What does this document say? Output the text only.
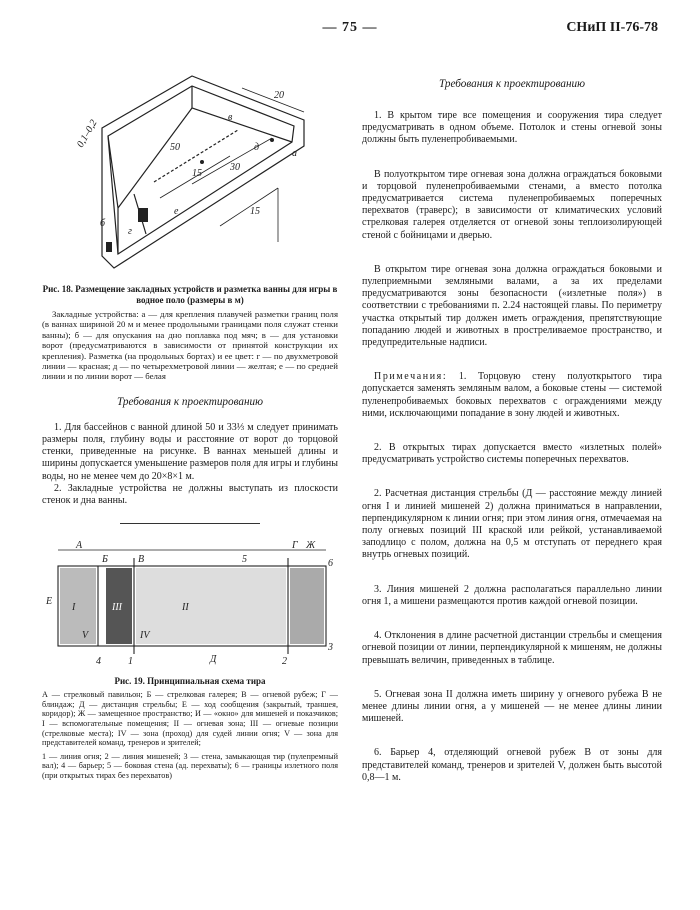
— 75 —	СНиП II-76-78
20
50
15
30
15
0,1–0,2
а
б
в
г
д
е
Рис. 18. Размещение закладных устройств и разметка ванны для игры в водное поло (размеры в м)
Закладные устройства: а — для крепления плавучей разметки границ поля (в ваннах шириной 20 м и менее продольными границами поля служат стенки ванны); б — для опускания на дно поплавка под мяч; в — для установки ворот (предусматриваются в зависимости от принятой конструкции их крепления). Разметка (на продольных бортах) и ее цвет: г — по двухметровой линии — красная; д — по четырехметровой линии — желтая; е — по средней линии и по линии ворот — белая
Требования к проектированию

1. Для бассейнов с ванной длиной 50 и 33⅓ м следует принимать размеры поля, глубину воды и расстояние от ворот до торцовой стенки, приведенные на рисунке. В ваннах меньшей длины и ширины допускается уменьшение размеров поля для игры и глубины воды, но не менее чем до 20×8×1 м.

2. Закладные устройства не должны выступать из плоскости стенок и дна ванны.

А
Б	В
Г Ж
Е
Д
I	II
III
IV
V
1	2
3
4
5	6
Рис. 19. Принципиальная схема тира
А — стрелковый павильон; Б — стрелковая галерея; В — огневой рубеж; Г — блиндаж; Д — дистанция стрельбы; Е — ход сообщения (закрытый, траншея, коридор); Ж — замещенное пространство; И — «окно» для мишеней и показчиков; I — вспомогательные помещения; II — огневая зона; III — огневые позиции (стрелковые места); IV — зона (проход) для судей линии огня; V — зона для представителей команд, тренеров и зрителей;
1 — линия огня; 2 — линия мишеней; 3 — стена, замыкающая тир (пулепремный вал); 4 — барьер; 5 — боковая стена (ад. перехваты); 6 — границы излетного поля (при открытых тирах без перехватов)
Требования к проектированию

1. В крытом тире все помещения и сооружения тира следует предусматривать в одном объеме. Потолок и стены огневой зоны должны быть пуленепробиваемыми.

В полуоткрытом тире огневая зона должна ограждаться боковыми и торцовой пуленепробиваемыми стенами, а вместо потолка предусматривается система пуленепробиваемых поперечных перехватов (траверс); в зависимости от климатических условий стрелковая галерея отделяется от огневой зоны теплоизолирующей стеной с бойницами и дверью.

В открытом тире огневая зона должна ограждаться боковыми и пулеприемными земляными валами, а за их пределами предусматриваются зоны безопасности («излетные поля») в соответствии с требованиями п. 2.24 настоящей главы. По периметру участка открытый тир должен иметь ограждения, препятствующие попаданию людей и животных в простреливаемое пространство, и предупредительные надписи.

Примечания: 1. Торцовую стену полуоткрытого тира допускается заменять земляным валом, а боковые стены — системой пуленепробиваемых боковых перехватов с ограждениями между ними, исключающими попадание в зону людей и животных.

2. В открытых тирах допускается вместо «излетных полей» предусматривать устройство системы поперечных перехватов.

2. Расчетная дистанция стрельбы (Д — расстояние между линией огня I и линией мишеней 2) должна приниматься в направлении, перпендикулярном к линии огня; при этом линия огня, отмечаемая на полу огневых позиций III краской или рейкой, устанавливаемой заподлицо с полом, должна на 0,5 м отступать от переднего края внутрь огневых позиций.

3. Линия мишеней 2 должна располагаться параллельно линии огня 1, а мишени размещаются против каждой огневой позиции.

4. Отклонения в длине расчетной дистанции стрельбы и смещения огневой позиции от линии, перпендикулярной к мишеням, не должны превышать величин, приведенных в таблице.

5. Огневая зона II должна иметь ширину у огневого рубежа В не менее длины линии огня, а у мишеней — не менее длины линии мишеней.

6. Барьер 4, отделяющий огневой рубеж В от зоны для представителей команд, тренеров и зрителей V, должен быть высотой 0,8—1 м.
